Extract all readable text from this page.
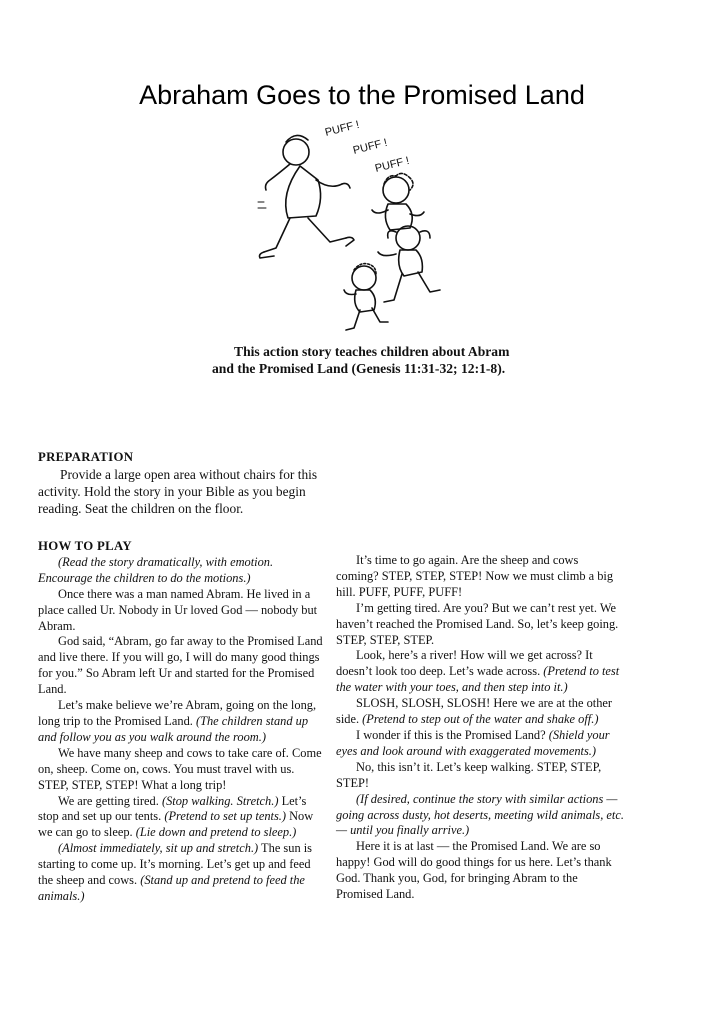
Abraham Goes to the Promised Land
PUFF !
PUFF !
PUFF !

This action story teaches children about Abram and the Promised Land (Genesis 11:31-32; 12:1-8).

PREPARATION

Provide a large open area without chairs for this activity. Hold the story in your Bible as you begin reading. Seat the children on the floor.

HOW TO PLAY

(Read the story dramatically, with emotion. Encourage the children to do the motions.)

Once there was a man named Abram. He lived in a place called Ur. Nobody in Ur loved God — nobody but Abram.

God said, “Abram, go far away to the Promised Land and live there. If you will go, I will do many good things for you.” So Abram left Ur and started for the Promised Land.

Let’s make believe we’re Abram, going on the long, long trip to the Promised Land. (The children stand up and follow you as you walk around the room.)

We have many sheep and cows to take care of. Come on, sheep. Come on, cows. You must travel with us. STEP, STEP, STEP! What a long trip!

We are getting tired. (Stop walking. Stretch.) Let’s stop and set up our tents. (Pretend to set up tents.) Now we can go to sleep. (Lie down and pretend to sleep.)

(Almost immediately, sit up and stretch.) The sun is starting to come up. It’s morning. Let’s get up and feed the sheep and cows. (Stand up and pretend to feed the animals.)

It’s time to go again. Are the sheep and cows coming? STEP, STEP, STEP! Now we must climb a big hill. PUFF, PUFF, PUFF!

I’m getting tired. Are you? But we can’t rest yet. We haven’t reached the Promised Land. So, let’s keep going. STEP, STEP, STEP.

Look, here’s a river! How will we get across? It doesn’t look too deep. Let’s wade across. (Pretend to test the water with your toes, and then step into it.)

SLOSH, SLOSH, SLOSH! Here we are at the other side. (Pretend to step out of the water and shake off.)

I wonder if this is the Promised Land? (Shield your eyes and look around with exaggerated movements.)

No, this isn’t it. Let’s keep walking. STEP, STEP, STEP!

(If desired, continue the story with similar actions — going across dusty, hot deserts, meeting wild animals, etc. — until you finally arrive.)

Here it is at last — the Promised Land. We are so happy! God will do good things for us here. Let’s thank God. Thank you, God, for bringing Abram to the Promised Land.
